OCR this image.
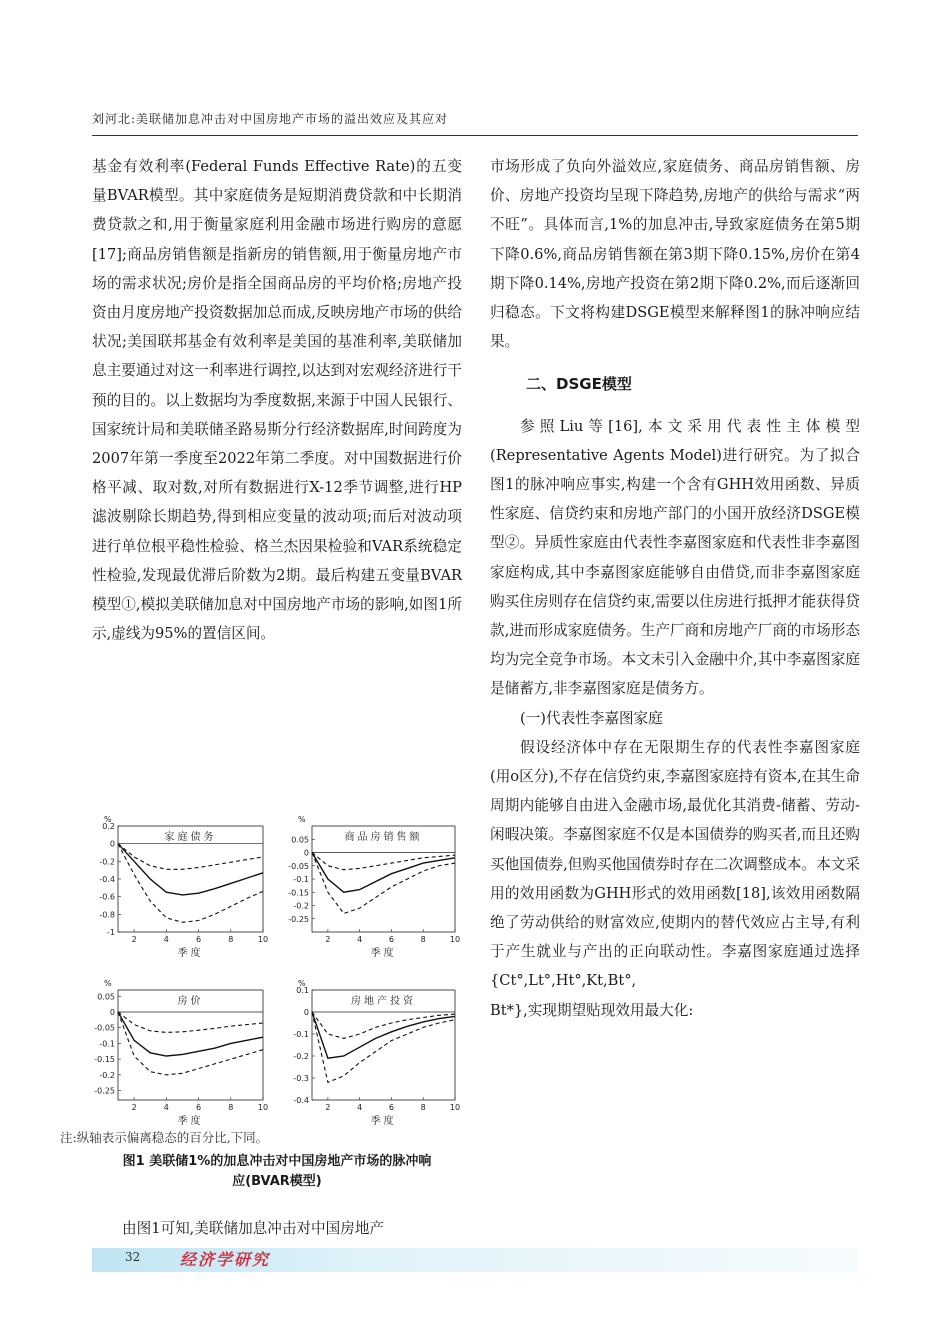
刘河北:美联储加息冲击对中国房地产市场的溢出效应及其应对

基金有效利率(Federal Funds Effective Rate)的五变量BVAR模型。其中家庭债务是短期消费贷款和中长期消费贷款之和,用于衡量家庭利用金融市场进行购房的意愿[17];商品房销售额是指新房的销售额,用于衡量房地产市场的需求状况;房价是指全国商品房的平均价格;房地产投资由月度房地产投资数据加总而成,反映房地产市场的供给状况;美国联邦基金有效利率是美国的基准利率,美联储加息主要通过对这一利率进行调控,以达到对宏观经济进行干预的目的。以上数据均为季度数据,来源于中国人民银行、国家统计局和美联储圣路易斯分行经济数据库,时间跨度为2007年第一季度至2022年第二季度。对中国数据进行价格平减、取对数,对所有数据进行X-12季节调整,进行HP滤波剔除长期趋势,得到相应变量的波动项;而后对波动项进行单位根平稳性检验、格兰杰因果检验和VAR系统稳定性检验,发现最优滞后阶数为2期。最后构建五变量BVAR模型①,模拟美联储加息对中国房地产市场的影响,如图1所示,虚线为95%的置信区间。

家庭债务
%
0.2
0
-0.2
-0.4
-0.6
-0.8
-1
2	4	6	8	10
季度
商品房销售额
%
0.05
0
-0.05
-0.1
-0.15
-0.2
-0.25
2	4	6	8	10
季度
房价
%
0.05
0
-0.05
-0.1
-0.15
-0.2
-0.25
2	4	6	8	10
季度
房地产投资
%
0.1
0
-0.1
-0.2
-0.3
-0.4
2	4	6	8	10
季度
注:纵轴表示偏离稳态的百分比,下同。
图1 美联储1%的加息冲击对中国房地产市场的脉冲响
应(BVAR模型)
由图1可知,美联储加息冲击对中国房地产

市场形成了负向外溢效应,家庭债务、商品房销售额、房价、房地产投资均呈现下降趋势,房地产的供给与需求“两不旺”。具体而言,1%的加息冲击,导致家庭债务在第5期下降0.6%,商品房销售额在第3期下降0.15%,房价在第4期下降0.14%,房地产投资在第2期下降0.2%,而后逐渐回归稳态。下文将构建DSGE模型来解释图1的脉冲响应结果。

二、DSGE模型

参照Liu等[16],本文采用代表性主体模型(Representative Agents Model)进行研究。为了拟合图1的脉冲响应事实,构建一个含有GHH效用函数、异质性家庭、信贷约束和房地产部门的小国开放经济DSGE模型②。异质性家庭由代表性李嘉图家庭和代表性非李嘉图家庭构成,其中李嘉图家庭能够自由借贷,而非李嘉图家庭购买住房则存在信贷约束,需要以住房进行抵押才能获得贷款,进而形成家庭债务。生产厂商和房地产厂商的市场形态均为完全竞争市场。本文未引入金融中介,其中李嘉图家庭是储蓄方,非李嘉图家庭是债务方。

(一)代表性李嘉图家庭

假设经济体中存在无限期生存的代表性李嘉图家庭(用o区分),不存在信贷约束,李嘉图家庭持有资本,在其生命周期内能够自由进入金融市场,最优化其消费-储蓄、劳动-闲暇决策。李嘉图家庭不仅是本国债券的购买者,而且还购买他国债券,但购买他国债券时存在二次调整成本。本文采用的效用函数为GHH形式的效用函数[18],该效用函数隔绝了劳动供给的财富效应,使期内的替代效应占主导,有利于产生就业与产出的正向联动性。李嘉图家庭通过选择{Ct°,Lt°,Ht°,Kt,Bt°,

Bt*},实现期望贴现效用最大化:

32 经济学研究
